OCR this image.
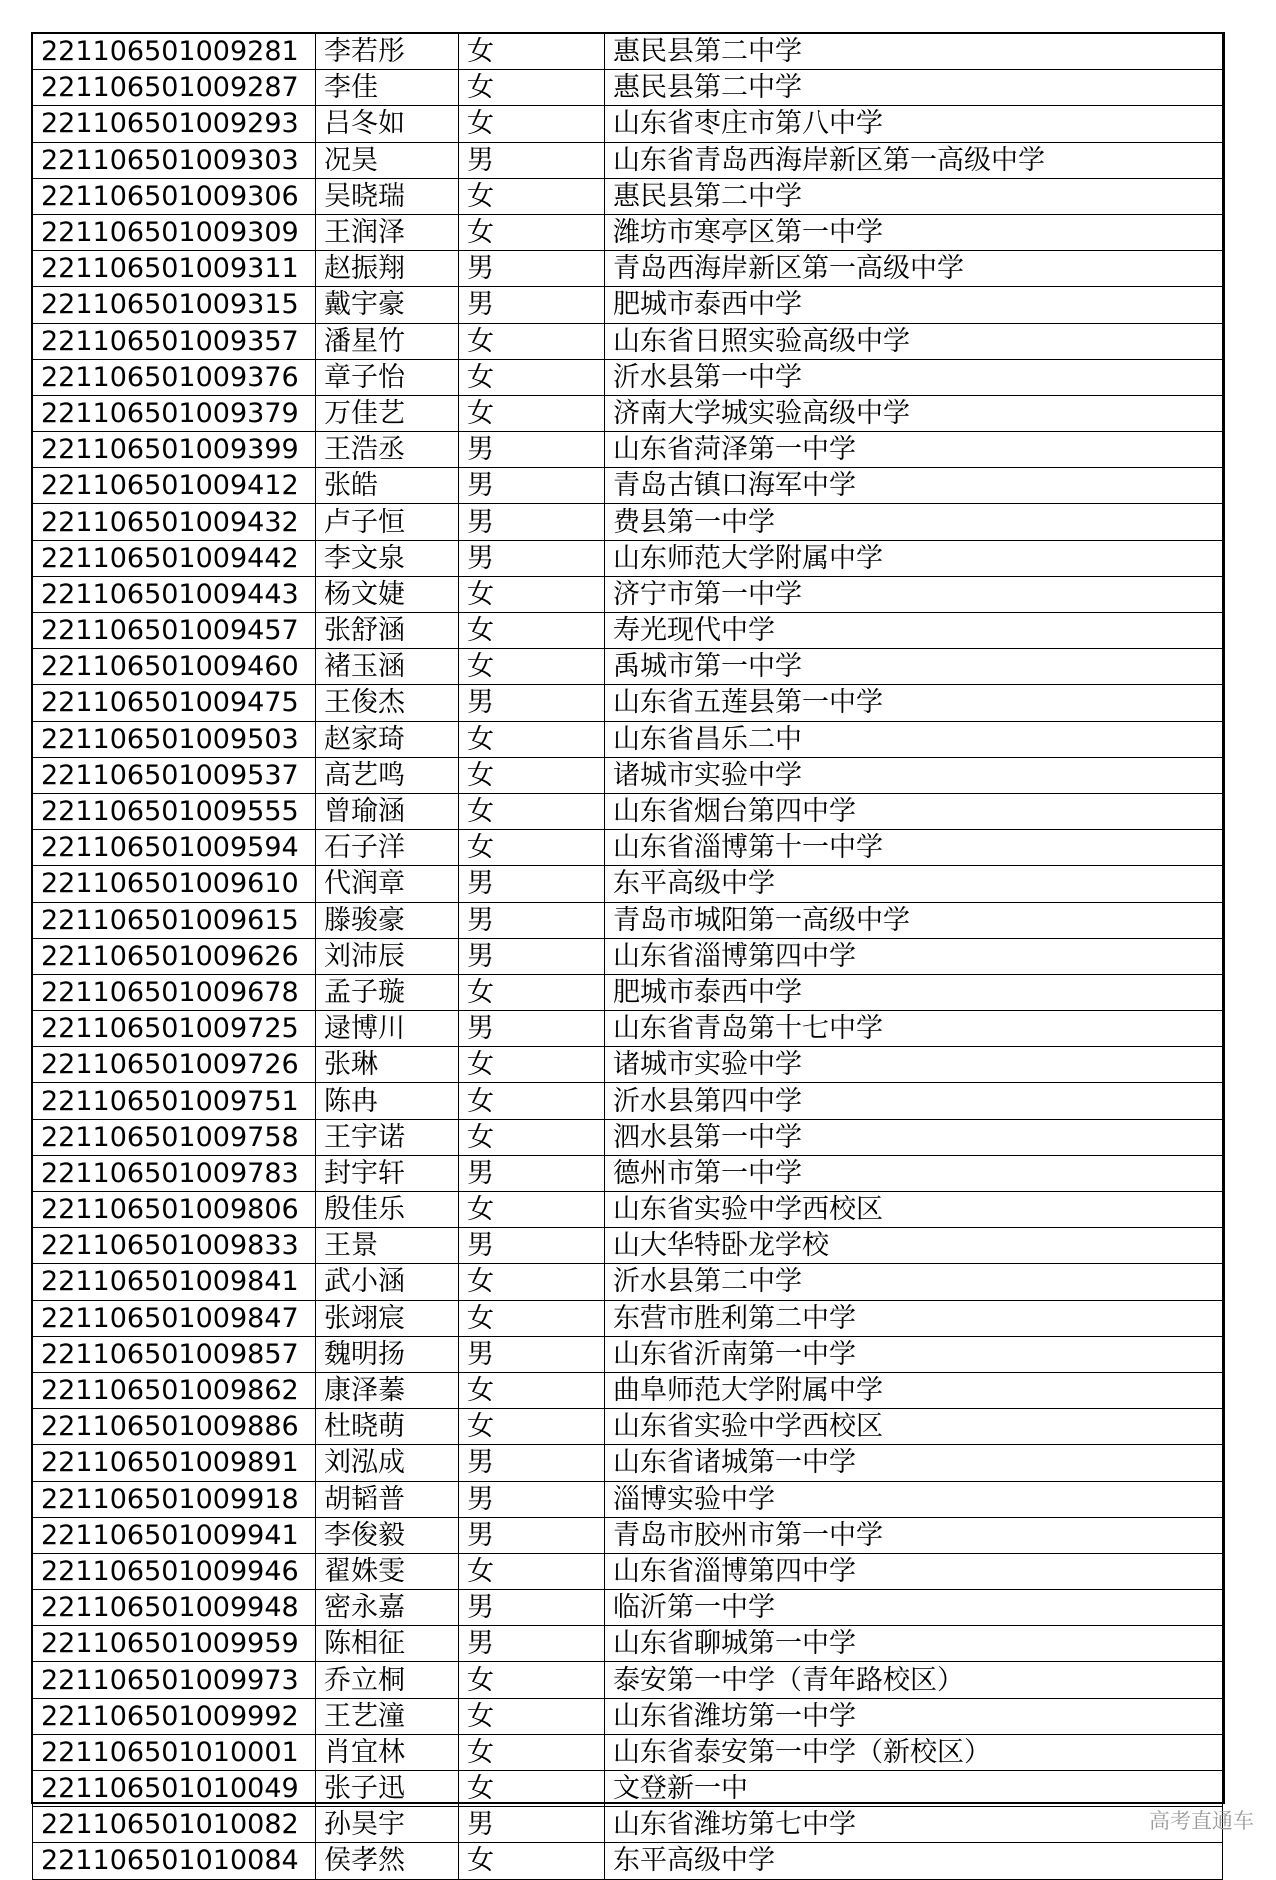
221106501009281	李若彤	女	惠民县第二中学
221106501009287	李佳	女	惠民县第二中学
221106501009293	吕冬如	女	山东省枣庄市第八中学
221106501009303	况昊	男	山东省青岛西海岸新区第一高级中学
221106501009306	吴晓瑞	女	惠民县第二中学
221106501009309	王润泽	女	潍坊市寒亭区第一中学
221106501009311	赵振翔	男	青岛西海岸新区第一高级中学
221106501009315	戴宇豪	男	肥城市泰西中学
221106501009357	潘星竹	女	山东省日照实验高级中学
221106501009376	章子怡	女	沂水县第一中学
221106501009379	万佳艺	女	济南大学城实验高级中学
221106501009399	王浩丞	男	山东省菏泽第一中学
221106501009412	张皓	男	青岛古镇口海军中学
221106501009432	卢子恒	男	费县第一中学
221106501009442	李文泉	男	山东师范大学附属中学
221106501009443	杨文婕	女	济宁市第一中学
221106501009457	张舒涵	女	寿光现代中学
221106501009460	褚玉涵	女	禹城市第一中学
221106501009475	王俊杰	男	山东省五莲县第一中学
221106501009503	赵家琦	女	山东省昌乐二中
221106501009537	高艺鸣	女	诸城市实验中学
221106501009555	曾瑜涵	女	山东省烟台第四中学
221106501009594	石子洋	女	山东省淄博第十一中学
221106501009610	代润章	男	东平高级中学
221106501009615	滕骏豪	男	青岛市城阳第一高级中学
221106501009626	刘沛辰	男	山东省淄博第四中学
221106501009678	孟子璇	女	肥城市泰西中学
221106501009725	逯博川	男	山东省青岛第十七中学
221106501009726	张琳	女	诸城市实验中学
221106501009751	陈冉	女	沂水县第四中学
221106501009758	王宇诺	女	泗水县第一中学
221106501009783	封宇轩	男	德州市第一中学
221106501009806	殷佳乐	女	山东省实验中学西校区
221106501009833	王景	男	山大华特卧龙学校
221106501009841	武小涵	女	沂水县第二中学
221106501009847	张翊宸	女	东营市胜利第二中学
221106501009857	魏明扬	男	山东省沂南第一中学
221106501009862	康泽蓁	女	曲阜师范大学附属中学
221106501009886	杜晓萌	女	山东省实验中学西校区
221106501009891	刘泓成	男	山东省诸城第一中学
221106501009918	胡韬普	男	淄博实验中学
221106501009941	李俊毅	男	青岛市胶州市第一中学
221106501009946	翟姝雯	女	山东省淄博第四中学
221106501009948	密永嘉	男	临沂第一中学
221106501009959	陈相征	男	山东省聊城第一中学
221106501009973	乔立桐	女	泰安第一中学（青年路校区）
221106501009992	王艺潼	女	山东省潍坊第一中学
221106501010001	肖宜林	女	山东省泰安第一中学（新校区）
221106501010049	张子迅	女	文登新一中
221106501010082	孙昊宇	男	山东省潍坊第七中学
221106501010084	侯孝然	女	东平高级中学
高考直通车
